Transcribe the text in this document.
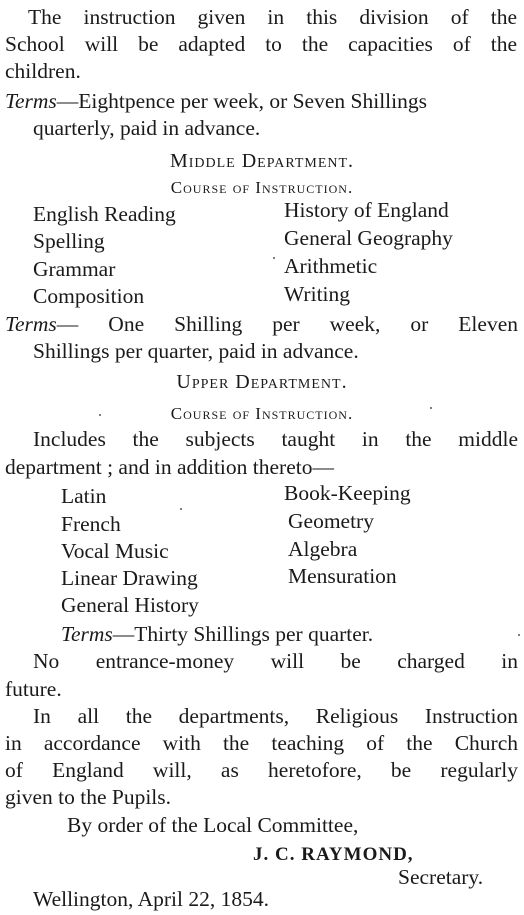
The instruction given in this division of the
School will be adapted to the capacities of the
children.
Terms—Eightpence per week, or Seven Shillings
quarterly, paid in advance.
Middle Department.
Course of Instruction.
English Reading
Spelling
Grammar
Composition
History of England
General Geography
Arithmetic
Writing
Terms— One Shilling per week, or Eleven
Shillings per quarter, paid in advance.
Upper Department.
Course of Instruction.
Includes the subjects taught in the middle
department ; and in addition thereto—
Latin
French
Vocal Music
Linear Drawing
General History
Book-Keeping
Geometry
Algebra
Mensuration
Terms—Thirty Shillings per quarter.
No entrance-money will be charged in
future.
In all the departments, Religious Instruction
in accordance with the teaching of the Church
of England will, as heretofore, be regularly
given to the Pupils.
By order of the Local Committee,
J. C. RAYMOND,
Secretary.
Wellington, April 22, 1854.
